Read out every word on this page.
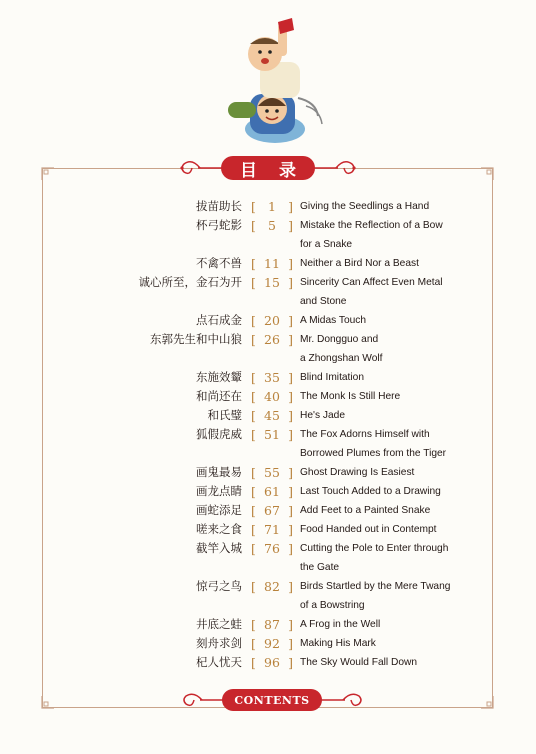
目 录
拔苗助长 [ 1 ] Giving the Seedlings a Hand
杯弓蛇影 [ 5 ] Mistake the Reflection of a Bow
for a Snake
不禽不兽 [ 11 ] Neither a Bird Nor a Beast
诚心所至，金石为开 [ 15 ] Sincerity Can Affect Even Metal
and Stone
点石成金 [ 20 ] A Midas Touch
东郭先生和中山狼 [ 26 ] Mr. Dongguo and
a Zhongshan Wolf
东施效颦 [ 35 ] Blind Imitation
和尚还在 [ 40 ] The Monk Is Still Here
和氏璧 [ 45 ] He's Jade
狐假虎威 [ 51 ] The Fox Adorns Himself with
Borrowed Plumes from the Tiger
画鬼最易 [ 55 ] Ghost Drawing Is Easiest
画龙点睛 [ 61 ] Last Touch Added to a Drawing
画蛇添足 [ 67 ] Add Feet to a Painted Snake
嗟来之食 [ 71 ] Food Handed out in Contempt
截竿入城 [ 76 ] Cutting the Pole to Enter through
the Gate
惊弓之鸟 [ 82 ] Birds Startled by the Mere Twang
of a Bowstring
井底之蛙 [ 87 ] A Frog in the Well
刻舟求剑 [ 92 ] Making His Mark
杞人忧天 [ 96 ] The Sky Would Fall Down
CONTENTS
